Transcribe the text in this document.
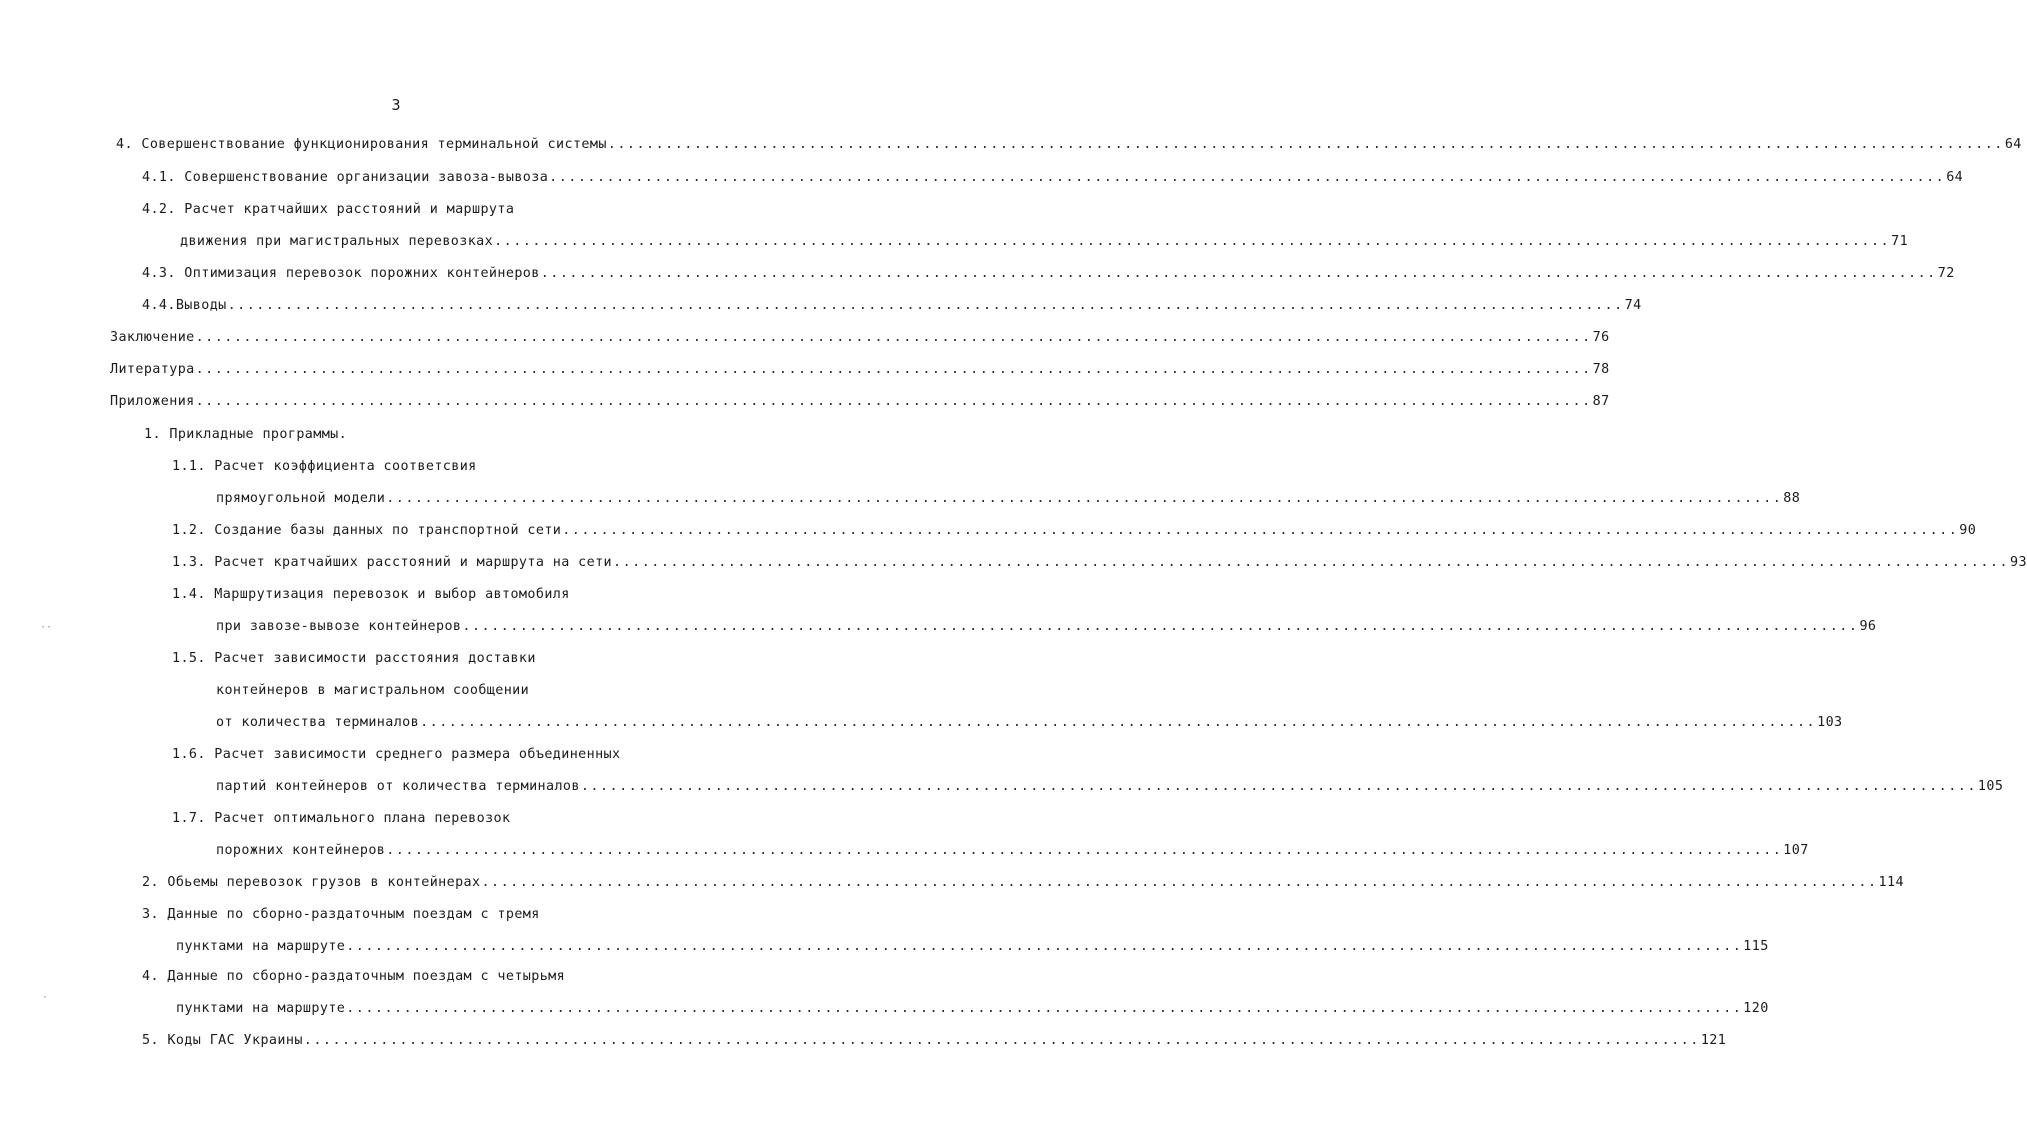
3
4. Совершенствование функционирования терминальной системы .................................................................................................................................................. 64
4.1. Совершенствование организации завоза-вывоза .................................................................................................................................................. 64
4.2. Расчет кратчайших расстояний и маршрута
движения при магистральных перевозках .................................................................................................................................................. 71
4.3. Оптимизация перевозок порожних контейнеров .................................................................................................................................................. 72
4.4.Выводы .................................................................................................................................................. 74
Заключение .................................................................................................................................................. 76
Литература .................................................................................................................................................. 78
Приложения .................................................................................................................................................. 87
1. Прикладные программы.
1.1. Расчет коэффициента соответсвия
прямоугольной модели .................................................................................................................................................. 88
1.2. Создание базы данных по транспортной сети .................................................................................................................................................. 90
1.3. Расчет кратчайших расстояний и маршрута на сети .................................................................................................................................................. 93
1.4. Маршрутизация перевозок и выбор автомобиля
при завозе-вывозе контейнеров .................................................................................................................................................. 96
1.5. Расчет зависимости расстояния доставки
контейнеров в магистральном сообщении
от количества терминалов .................................................................................................................................................. 103
1.6. Расчет зависимости среднего размера объединенных
партий контейнеров от количества терминалов .................................................................................................................................................. 105
1.7. Расчет оптимального плана перевозок
порожних контейнеров .................................................................................................................................................. 107
2. Обьемы перевозок грузов в контейнерах .................................................................................................................................................. 114
3. Данные по сборно-раздаточным поездам с тремя
пунктами на маршруте .................................................................................................................................................. 115
4. Данные по сборно-раздаточным поездам с четырьмя
пунктами на маршруте .................................................................................................................................................. 120
5. Коды ГАС Украины .................................................................................................................................................. 121
··
·
